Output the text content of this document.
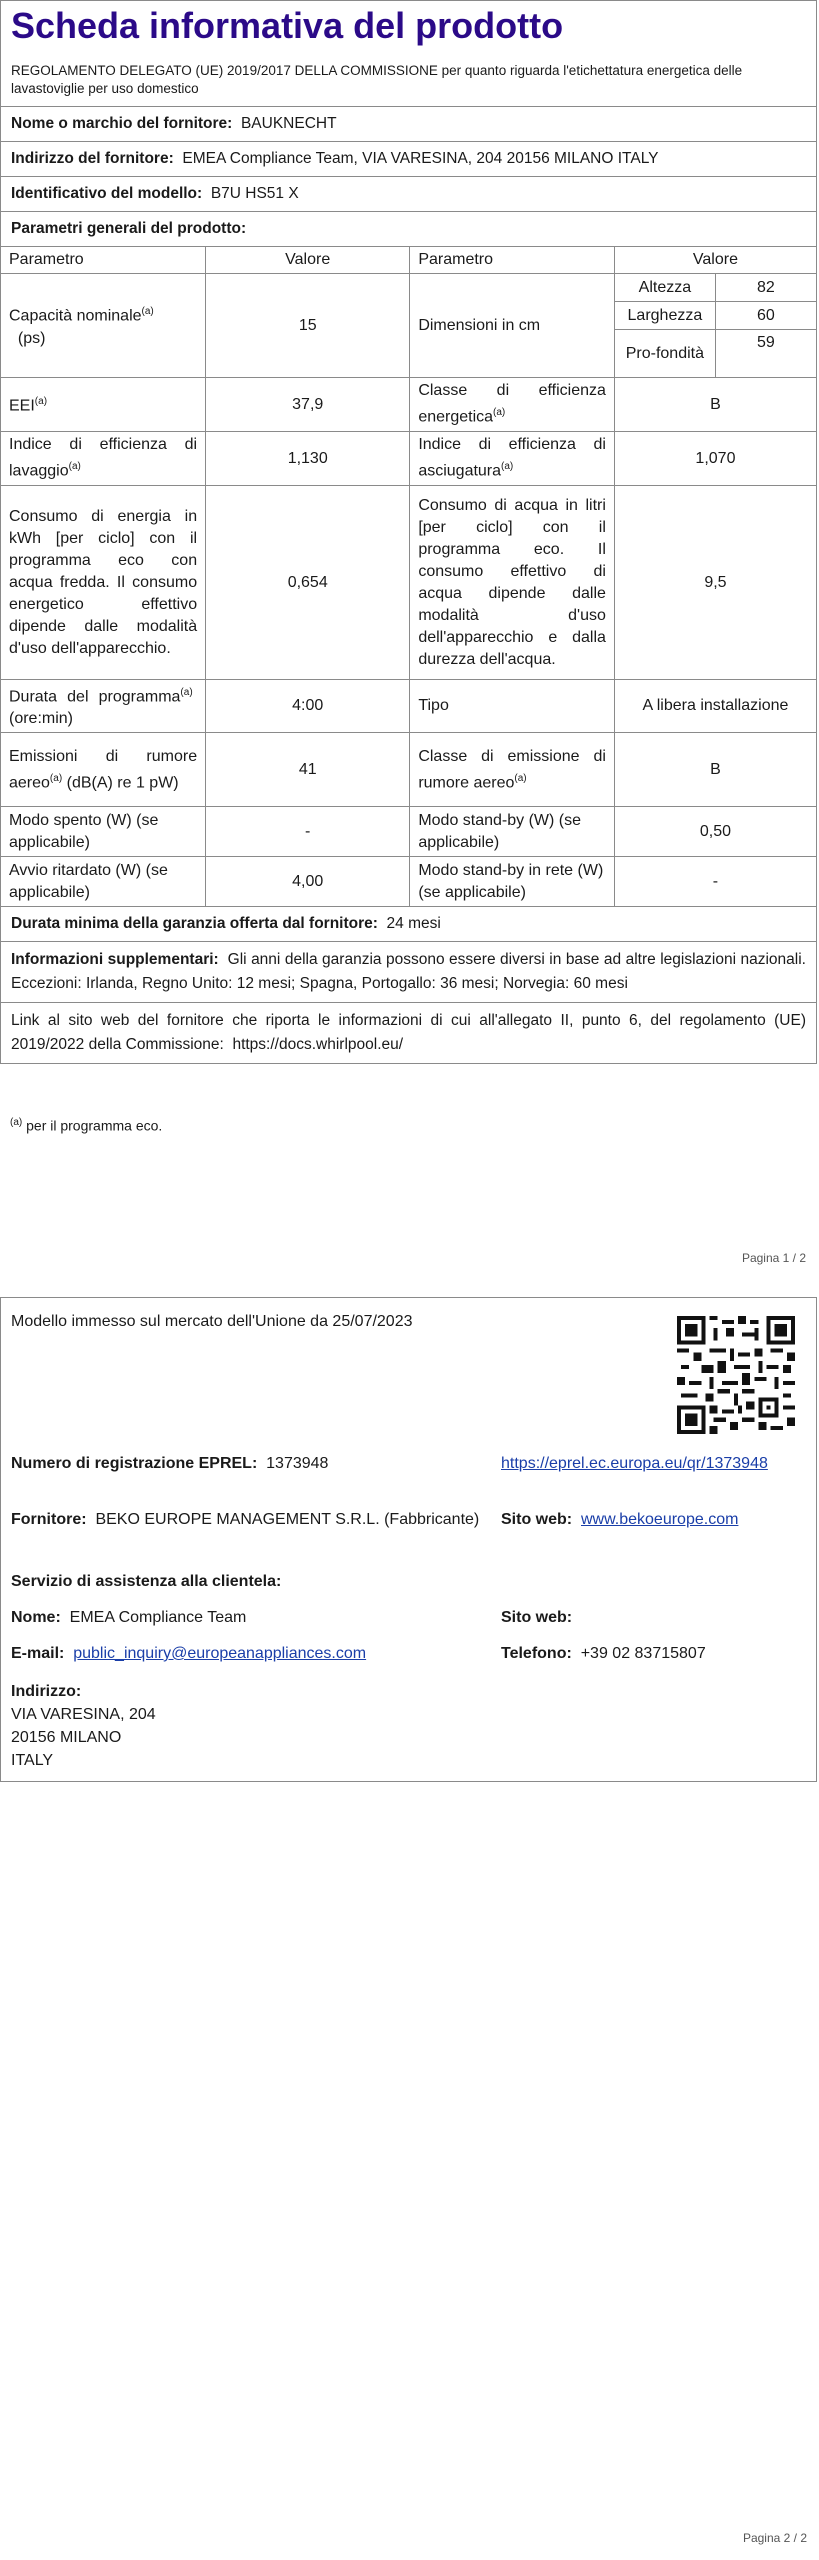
Scheda informativa del prodotto
REGOLAMENTO DELEGATO (UE) 2019/2017 DELLA COMMISSIONE per quanto riguarda l'etichettatura energetica delle lavastoviglie per uso domestico
Nome o marchio del fornitore: BAUKNECHT
Indirizzo del fornitore: EMEA Compliance Team, VIA VARESINA, 204 20156 MILANO ITALY
Identificativo del modello: B7U HS51 X
Parametri generali del prodotto:
Parametro	Valore	Parametro	Valore	
Capacità nominale$^{(a)}$
(ps)	15	Dimensioni in cm	Altezza	82
			Larghezza	60
			Pro-fondità	59
EEI$^{(a)}$	37,9	Classe di efficienza energetica$^{(a)}$	B	
Indice di efficienza di lavaggio$^{(a)}$	1,130	Indice di efficienza di asciugatura$^{(a)}$	1,070	
Consumo di energia in kWh [per ciclo] con il programma eco con acqua fredda. Il consumo energetico effettivo dipende dalle modalità d'uso dell'apparecchio.	0,654	Consumo di acqua in litri [per ciclo] con il programma eco. Il consumo effettivo di acqua dipende dalle modalità d'uso dell'apparecchio e dalla durezza dell'acqua.	9,5	
Durata del programma$^{(a)}$  (ore:min)	4:00	Tipo	A libera installazione	
Emissioni di rumore aereo$^{(a)}$ (dB(A) re 1 pW)	41	Classe di emissione di rumore aereo$^{(a)}$	B	
Modo spento (W) (se applicabile)	-	Modo stand-by (W) (se applicabile)	0,50	
Avvio ritardato (W) (se applicabile)	4,00	Modo stand-by in rete (W) (se applicabile)	-	
Durata minima della garanzia offerta dal fornitore: 24 mesi
Informazioni supplementari: Gli anni della garanzia possono essere diversi in base ad altre legislazioni nazionali. Eccezioni: Irlanda, Regno Unito: 12 mesi; Spagna, Portogallo: 36 mesi; Norvegia: 60 mesi
Link al sito web del fornitore che riporta le informazioni di cui all'allegato II, punto 6, del regolamento (UE) 2019/2022 della Commissione: https://docs.whirlpool.eu/
$^{(a)}$ per il programma eco.
Pagina 1 / 2
Modello immesso sul mercato dell'Unione da 25/07/2023
Numero di registrazione EPREL: 1373948	https://eprel.ec.europa.eu/qr/1373948
Fornitore: BEKO EUROPE MANAGEMENT S.R.L. (Fabbricante)	Sito web: www.bekoeurope.com
Servizio di assistenza alla clientela:
Nome: EMEA Compliance Team	Sito web:
E-mail: public_inquiry@europeanappliances.com	Telefono: +39 02 83715807
Indirizzo:
VIA VARESINA, 204
20156 MILANO
ITALY
Pagina 2 / 2
